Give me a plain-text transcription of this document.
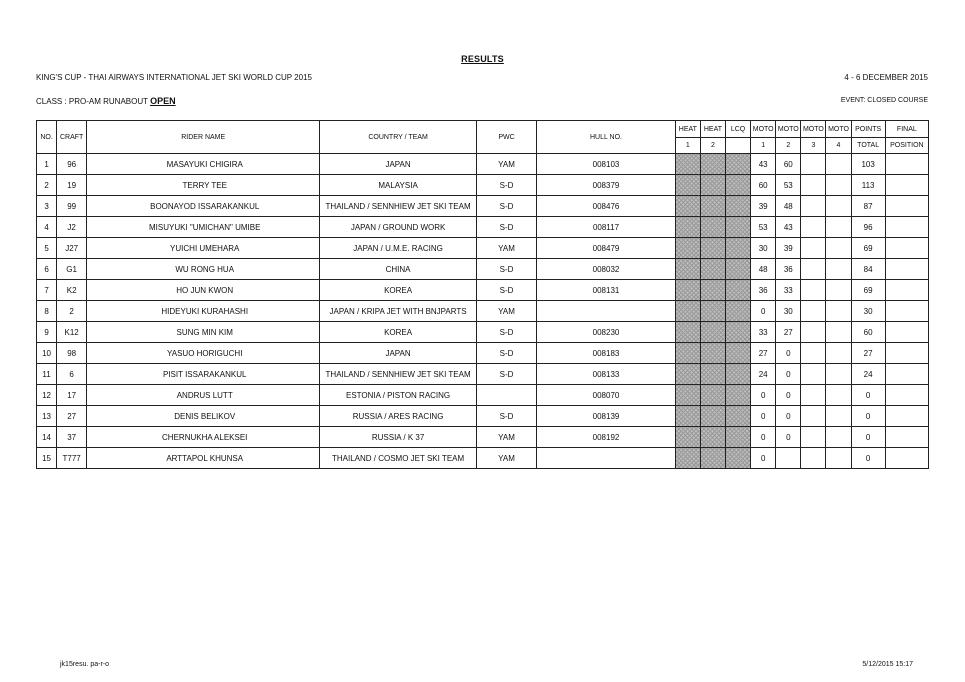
RESULTS
KING'S CUP - THAI AIRWAYS INTERNATIONAL JET SKI WORLD CUP 2015	4 - 6 DECEMBER 2015
CLASS : PRO-AM RUNABOUT OPEN	EVENT: CLOSED COURSE
NO.	CRAFT	RIDER NAME	COUNTRY / TEAM	PWC	HULL NO.	HEAT	HEAT	LCQ	MOTO	MOTO	MOTO	MOTO	POINTS	FINAL
						1	2		1	2	3	4	TOTAL	POSITION
1	96	MASAYUKI CHIGIRA	JAPAN	YAM	008103				43	60			103	
2	19	TERRY TEE	MALAYSIA	S-D	008379				60	53			113	
3	99	BOONAYOD ISSARAKANKUL	THAILAND / SENNHIEW JET SKI TEAM	S-D	008476				39	48			87	
4	J2	MISUYUKI "UMICHAN" UMIBE	JAPAN / GROUND WORK	S-D	008117				53	43			96	
5	J27	YUICHI UMEHARA	JAPAN / U.M.E. RACING	YAM	008479				30	39			69	
6	G1	WU RONG HUA	CHINA	S-D	008032				48	36			84	
7	K2	HO JUN KWON	KOREA	S-D	008131				36	33			69	
8	2	HIDEYUKI KURAHASHI	JAPAN / KRIPA JET WITH BNJPARTS	YAM					0	30			30	
9	K12	SUNG MIN KIM	KOREA	S-D	008230				33	27			60	
10	98	YASUO HORIGUCHI	JAPAN	S-D	008183				27	0			27	
11	6	PISIT ISSARAKANKUL	THAILAND / SENNHIEW JET SKI TEAM	S-D	008133				24	0			24	
12	17	ANDRUS LUTT	ESTONIA / PISTON RACING		008070				0	0			0	
13	27	DENIS BELIKOV	RUSSIA / ARES RACING	S-D	008139				0	0			0	
14	37	CHERNUKHA ALEKSEI	RUSSIA / K 37	YAM	008192				0	0			0	
15	T777	ARTTAPOL KHUNSA	THAILAND / COSMO JET SKI TEAM	YAM					0				0	
jk15resu. pa-r-o	5/12/2015 15:17
